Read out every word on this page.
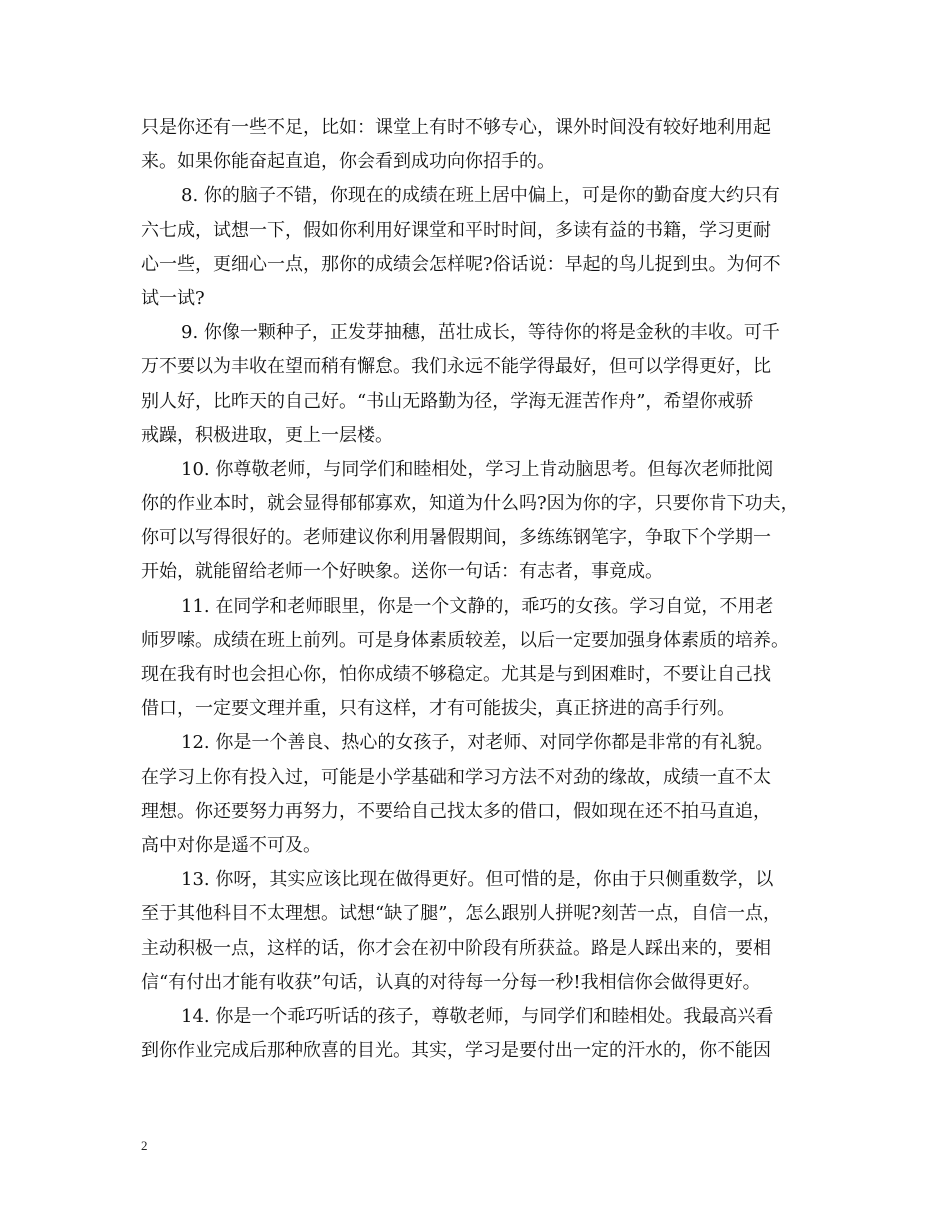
只是你还有一些不足，比如：课堂上有时不够专心，课外时间没有较好地利用起
来。如果你能奋起直追，你会看到成功向你招手的。
8. 你的脑子不错，你现在的成绩在班上居中偏上，可是你的勤奋度大约只有
六七成，试想一下，假如你利用好课堂和平时时间，多读有益的书籍，学习更耐
心一些，更细心一点，那你的成绩会怎样呢?俗话说：早起的鸟儿捉到虫。为何不
试一试?
9. 你像一颗种子，正发芽抽穗，茁壮成长，等待你的将是金秋的丰收。可千
万不要以为丰收在望而稍有懈怠。我们永远不能学得最好，但可以学得更好，比
别人好，比昨天的自己好。“书山无路勤为径，学海无涯苦作舟”，希望你戒骄
戒躁，积极进取，更上一层楼。
10. 你尊敬老师，与同学们和睦相处，学习上肯动脑思考。但每次老师批阅
你的作业本时，就会显得郁郁寡欢，知道为什么吗?因为你的字，只要你肯下功夫，
你可以写得很好的。老师建议你利用暑假期间，多练练钢笔字，争取下个学期一
开始，就能留给老师一个好映象。送你一句话：有志者，事竟成。
11. 在同学和老师眼里，你是一个文静的，乖巧的女孩。学习自觉，不用老
师罗嗦。成绩在班上前列。可是身体素质较差，以后一定要加强身体素质的培养。
现在我有时也会担心你，怕你成绩不够稳定。尤其是与到困难时，不要让自己找
借口，一定要文理并重，只有这样，才有可能拔尖，真正挤进的高手行列。
12. 你是一个善良、热心的女孩子，对老师、对同学你都是非常的有礼貌。
在学习上你有投入过，可能是小学基础和学习方法不对劲的缘故，成绩一直不太
理想。你还要努力再努力，不要给自己找太多的借口，假如现在还不拍马直追，
高中对你是遥不可及。
13. 你呀，其实应该比现在做得更好。但可惜的是，你由于只侧重数学，以
至于其他科目不太理想。试想“缺了腿”，怎么跟别人拼呢?刻苦一点，自信一点，
主动积极一点，这样的话，你才会在初中阶段有所获益。路是人踩出来的，要相
信“有付出才能有收获”句话，认真的对待每一分每一秒!我相信你会做得更好。
14. 你是一个乖巧听话的孩子，尊敬老师，与同学们和睦相处。我最高兴看
到你作业完成后那种欣喜的目光。其实，学习是要付出一定的汗水的，你不能因
2
